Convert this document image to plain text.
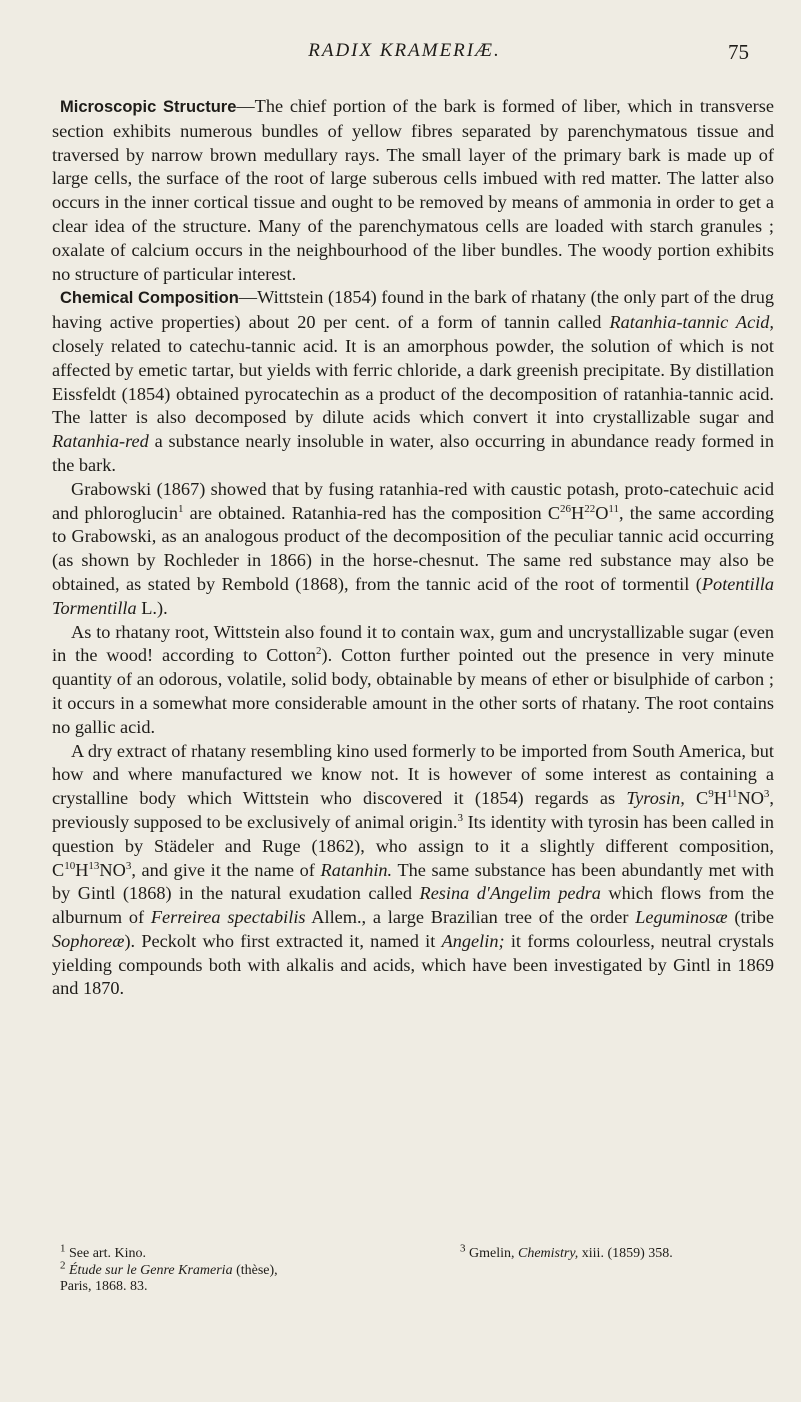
RADIX KRAMERIÆ.	75

Microscopic Structure—The chief portion of the bark is formed of liber, which in transverse section exhibits numerous bundles of yellow fibres separated by parenchymatous tissue and traversed by narrow brown medullary rays. The small layer of the primary bark is made up of large cells, the surface of the root of large suberous cells imbued with red matter. The latter also occurs in the inner cortical tissue and ought to be removed by means of ammonia in order to get a clear idea of the structure. Many of the parenchymatous cells are loaded with starch granules ; oxalate of calcium occurs in the neighbourhood of the liber bundles. The woody portion exhibits no structure of particular interest.

Chemical Composition—Wittstein (1854) found in the bark of rhatany (the only part of the drug having active properties) about 20 per cent. of a form of tannin called Ratanhia-tannic Acid, closely related to catechu-tannic acid. It is an amorphous powder, the solution of which is not affected by emetic tartar, but yields with ferric chloride, a dark greenish precipitate. By distillation Eissfeldt (1854) obtained pyrocatechin as a product of the decomposition of ratanhia-tannic acid. The latter is also decomposed by dilute acids which convert it into crystallizable sugar and Ratanhia-red a substance nearly insoluble in water, also occurring in abundance ready formed in the bark.

Grabowski (1867) showed that by fusing ratanhia-red with caustic potash, proto-catechuic acid and phloroglucin$^1$ are obtained. Ratanhia-red has the composition $C^{26}H^{22}O^{11}$, the same according to Grabowski, as an analogous product of the decomposition of the peculiar tannic acid occurring (as shown by Rochleder in 1866) in the horse-chesnut. The same red substance may also be obtained, as stated by Rembold (1868), from the tannic acid of the root of tormentil (Potentilla Tormentilla L.).

As to rhatany root, Wittstein also found it to contain wax, gum and uncrystallizable sugar (even in the wood! according to Cotton$^2$). Cotton further pointed out the presence in very minute quantity of an odorous, volatile, solid body, obtainable by means of ether or bisulphide of carbon ; it occurs in a somewhat more considerable amount in the other sorts of rhatany. The root contains no gallic acid.

A dry extract of rhatany resembling kino used formerly to be imported from South America, but how and where manufactured we know not. It is however of some interest as containing a crystalline body which Wittstein who discovered it (1854) regards as Tyrosin, $C^9H^{11}NO^3$, previously supposed to be exclusively of animal origin.$^3$ Its identity with tyrosin has been called in question by Städeler and Ruge (1862), who assign to it a slightly different composition, $C^{10}H^{13}NO^3$, and give it the name of Ratanhin. The same substance has been abundantly met with by Gintl (1868) in the natural exudation called Resina d'Angelim pedra which flows from the alburnum of Ferreirea spectabilis Allem., a large Brazilian tree of the order Leguminosæ (tribe Sophoreæ). Peckolt who first extracted it, named it Angelin; it forms colourless, neutral crystals yielding compounds both with alkalis and acids, which have been investigated by Gintl in 1869 and 1870.

$^1$ See art. Kino.
$^2$ Étude sur le Genre Krameria (thèse),
Paris, 1868. 83.
$^3$ Gmelin, Chemistry, xiii. (1859) 358.
